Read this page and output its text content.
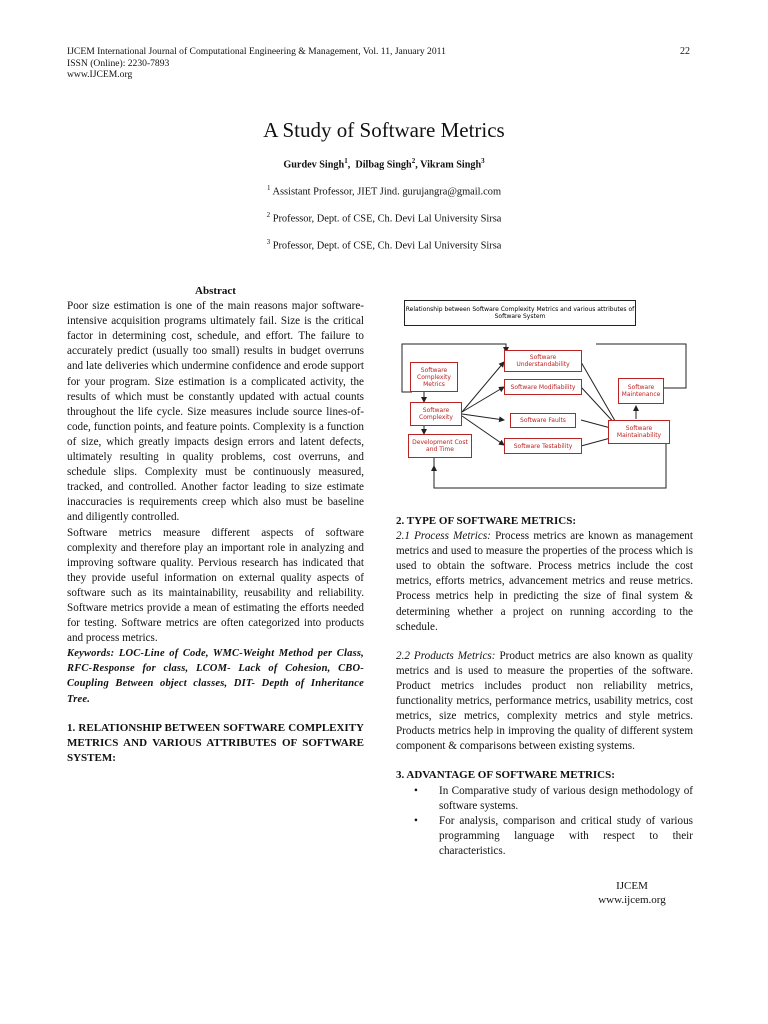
IJCEM International Journal of Computational Engineering & Management, Vol. 11, January 2011
ISSN (Online): 2230-7893
www.IJCEM.org
22
A Study of Software Metrics
Gurdev Singh$^1$,  Dilbag Singh$^2$, Vikram Singh$^3$
$^1$ Assistant Professor, JIET Jind. gurujangra@gmail.com
$^2$ Professor, Dept. of CSE, Ch. Devi Lal University Sirsa
$^3$ Professor, Dept. of CSE, Ch. Devi Lal University Sirsa
Abstract

Poor size estimation is one of the main reasons major software-intensive acquisition programs ultimately fail. Size is the critical factor in determining cost, schedule, and effort. The failure to accurately predict (usually too small) results in budget overruns and late deliveries which undermine confidence and erode support for your program. Size estimation is a complicated activity, the results of which must be constantly updated with actual counts throughout the life cycle. Size measures include source lines-of-code, function points, and feature points. Complexity is a function of size, which greatly impacts design errors and latent defects, ultimately resulting in quality problems, cost overruns, and schedule slips. Complexity must be continuously measured, tracked, and controlled. Another factor leading to size estimate inaccuracies is requirements creep which also must be baseline and diligently controlled.

Software metrics measure different aspects of software complexity and therefore play an important role in analyzing and improving software quality. Pervious research has indicated that they provide useful information on external quality aspects of software such as its maintainability, reusability and reliability. Software metrics provide a mean of estimating the efforts needed for testing. Software metrics are often categorized into products and process metrics.

Keywords: LOC-Line of Code, WMC-Weight Method per Class, RFC-Response for class, LCOM- Lack of Cohesion, CBO- Coupling Between object classes, DIT- Depth of Inheritance Tree.

1. RELATIONSHIP BETWEEN SOFTWARE COMPLEXITY METRICS AND VARIOUS ATTRIBUTES OF SOFTWARE SYSTEM:

Relationship between Software Complexity Metrics and various attributes of Software System
Software Complexity Metrics
Software Complexity
Development Cost and Time
Software Understandability
Software Modifiability
Software Faults
Software Testability
Software Maintenance
Software Maintainability

2. TYPE OF SOFTWARE METRICS:

2.1 Process Metrics: Process metrics are known as management metrics and used to measure the properties of the process which is used to obtain the software. Process metrics include the cost metrics, efforts metrics, advancement metrics and reuse metrics. Process metrics help in predicting the size of final system & determining whether a project on running according to the schedule.

2.2 Products Metrics: Product metrics are also known as quality metrics and is used to measure the properties of the software. Product metrics includes product non reliability metrics, functionality metrics, performance metrics, usability metrics, cost metrics, size metrics, complexity metrics and style metrics. Products metrics help in improving the quality of different system component & comparisons between existing systems.

3. ADVANTAGE OF SOFTWARE METRICS:

• In Comparative study of various design methodology of software systems.
• For analysis, comparison and critical study of various programming language with respect to their characteristics.
IJCEM
www.ijcem.org
